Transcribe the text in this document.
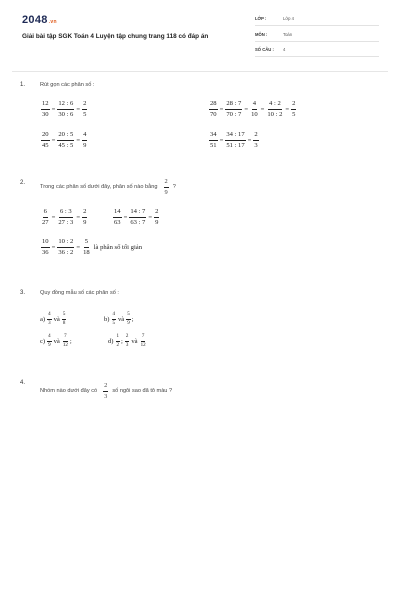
2048.vn
Giải bài tập SGK Toán 4 Luyện tập chung trang 118 có đáp án
LỚP :	Lớp 4
MÔN :	Toán
SỐ CÂU : 4
1.	Rút gọn các phân số :
$\frac{12}{30} = \frac{12 : 6}{30 : 6} = \frac{2}{5}$	$\frac{28}{70} = \frac{28 : 7}{70 : 7} = \frac{4}{10} = \frac{4 : 2}{10 : 2} = \frac{2}{5}$
$\frac{20}{45} = \frac{20 : 5}{45 : 5} = \frac{4}{9}$	$\frac{34}{51} = \frac{34 : 17}{51 : 17} = \frac{2}{3}$
2.
Trong các phân số dưới đây, phân số nào bằng $\frac{2}{9}$ ?
$\frac{6}{27} = \frac{6 : 3}{27 : 3} = \frac{2}{9}$	$\frac{14}{63} = \frac{14 : 7}{63 : 7} = \frac{2}{9}$
$\frac{10}{36} = \frac{10 : 2}{36 : 2} = \frac{5}{18}$ là phân số tối giản
3.	Quy đồng mẫu số các phân số :
$a) \frac{4}{3}$ và $\frac{5}{8}$	$b) \frac{4}{5}$ và $\frac{5}{9}$ ;
$c) \frac{4}{9}$ và $\frac{7}{12}$ ;	$d) \frac{1}{2}$ ; $\frac{2}{3}$ và $\frac{7}{12}$
4.
Nhóm nào dưới đây có $\frac{2}{3}$ số ngôi sao đã tô màu ?
